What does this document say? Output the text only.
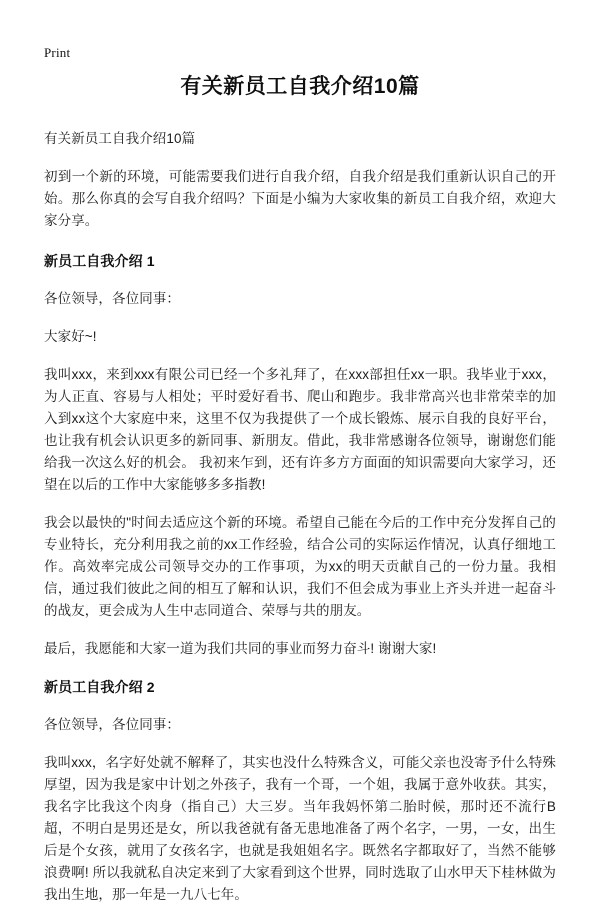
Print
有关新员工自我介绍10篇

有关新员工自我介绍10篇

初到一个新的环境，可能需要我们进行自我介绍，自我介绍是我们重新认识自己的开始。那么你真的会写自我介绍吗？下面是小编为大家收集的新员工自我介绍，欢迎大家分享。

新员工自我介绍 1

各位领导，各位同事：

大家好~!

我叫xxx，来到xxx有限公司已经一个多礼拜了，在xxx部担任xx一职。我毕业于xxx，为人正直、容易与人相处；平时爱好看书、爬山和跑步。我非常高兴也非常荣幸的加入到xx这个大家庭中来，这里不仅为我提供了一个成长锻炼、展示自我的良好平台，也让我有机会认识更多的新同事、新朋友。借此，我非常感谢各位领导，谢谢您们能给我一次这么好的机会。 我初来乍到，还有许多方方面面的知识需要向大家学习，还望在以后的工作中大家能够多多指教!

我会以最快的"时间去适应这个新的环境。希望自己能在今后的工作中充分发挥自己的专业特长，充分利用我之前的xx工作经验，结合公司的实际运作情况，认真仔细地工作。高效率完成公司领导交办的工作事项，为xx的明天贡献自己的一份力量。我相信，通过我们彼此之间的相互了解和认识，我们不但会成为事业上齐头并进一起奋斗的战友，更会成为人生中志同道合、荣辱与共的朋友。

最后，我愿能和大家一道为我们共同的事业而努力奋斗! 谢谢大家!

新员工自我介绍 2

各位领导，各位同事：

我叫xxx，名字好处就不解释了，其实也没什么特殊含义，可能父亲也没寄予什么特殊厚望，因为我是家中计划之外孩子，我有一个哥，一个姐，我属于意外收获。其实，我名字比我这个肉身（指自己）大三岁。当年我妈怀第二胎时候，那时还不流行B超，不明白是男还是女，所以我爸就有备无患地准备了两个名字，一男，一女，出生后是个女孩，就用了女孩名字，也就是我姐姐名字。既然名字都取好了，当然不能够浪费啊! 所以我就私自决定来到了大家看到这个世界，同时选取了山水甲天下桂林做为我出生地，那一年是一九八七年。
